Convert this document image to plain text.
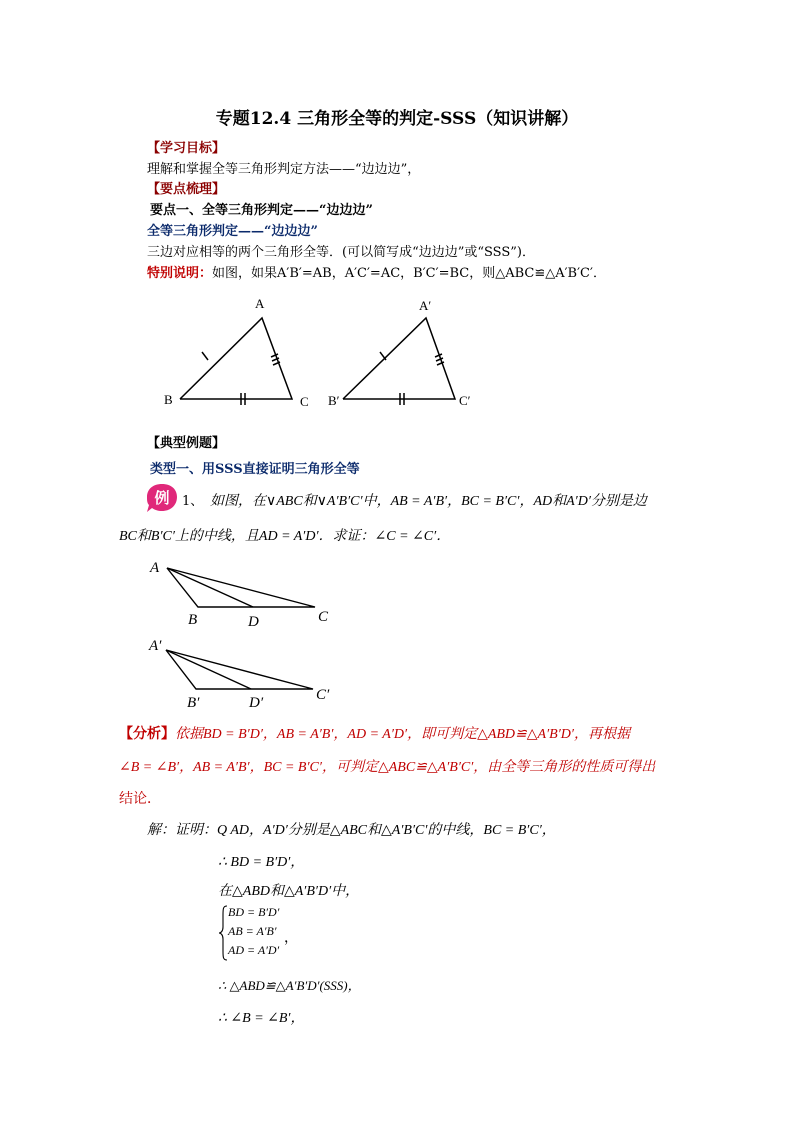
专题12.4 三角形全等的判定-SSS（知识讲解）
【学习目标】
理解和掌握全等三角形判定方法——“边边边”，
【要点梳理】
要点一、全等三角形判定——“边边边”
全等三角形判定——“边边边”
三边对应相等的两个三角形全等．(可以简写成“边边边”或“SSS”)．
特别说明：如图，如果A′B′=AB，A′C′=AC，B′C′=BC，则△ABC≌△A′B′C′．
A
B	C
A′
B′	C′
【典型例题】
类型一、用SSS直接证明三角形全等
例 1、 如图，在∨ABC和∨A′B′C′中，AB = A′B′，BC = B′C′，AD和A′D′分别是边
BC和B′C′上的中线，且AD = A′D′．求证：∠C = ∠C′．
A
B	D	C
A′
B′	D′	C′
【分析】依据BD = B′D′，AB = A′B′，AD = A′D′，即可判定△ABD≌△A′B′D′，再根据
∠B = ∠B′，AB = A′B′，BC = B′C′，可判定△ABC≌△A′B′C′，由全等三角形的性质可得出
结论．
解：证明：Q AD，A′D′分别是△ABC和△A′B′C′的中线，BC = B′C′，
∴ BD = B′D′，
在△ABD和△A′B′D′中，
BD = B′D′
AB = A′B′
AD = A′D′
，
∴ △ABD≌△A′B′D′(SSS)，
∴ ∠B = ∠B′，
